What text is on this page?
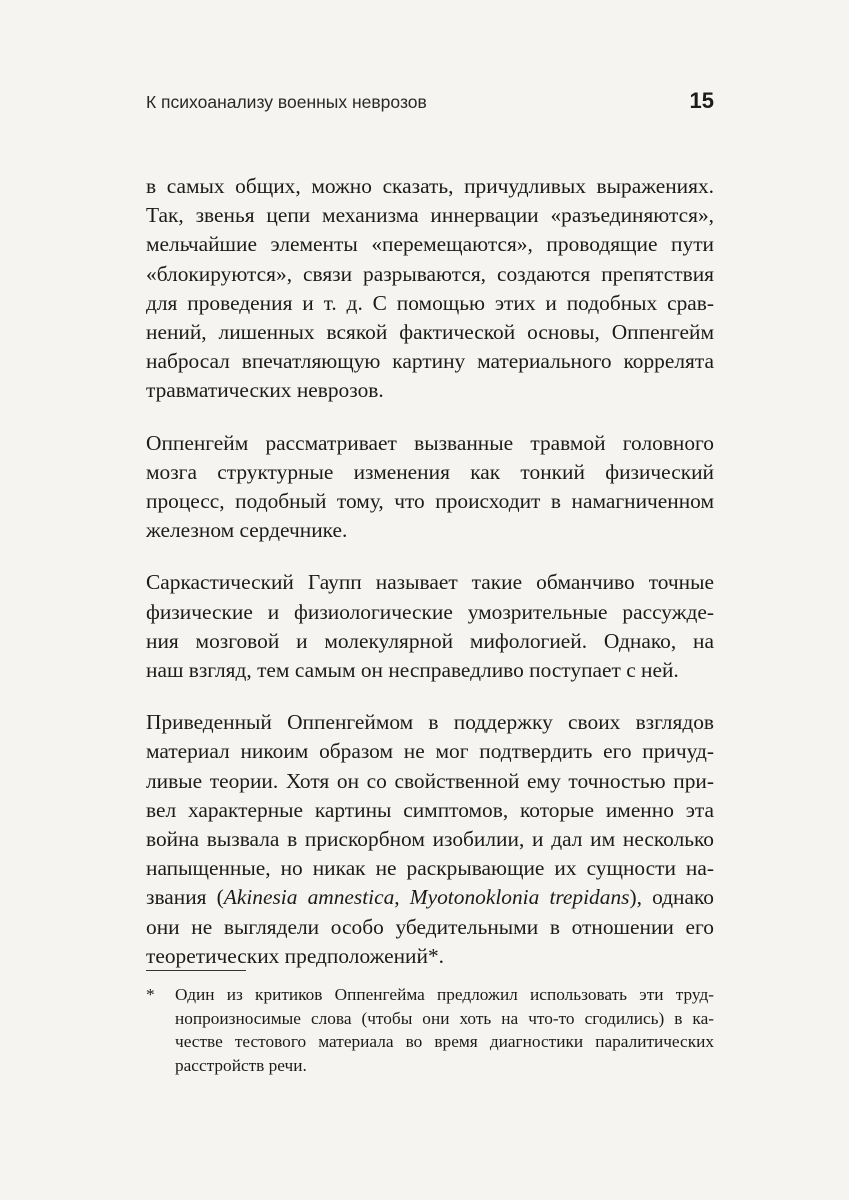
К психоанализу военных неврозов	15

в самых общих, можно сказать, причудливых выражениях.
Так, звенья цепи механизма иннервации «разъединяются»,
мельчайшие элементы «перемещаются», проводящие пути
«блокируются», связи разрываются, создаются препятствия
для проведения и т. д. С помощью этих и подобных срав-
нений, лишенных всякой фактической основы, Оппенгейм
набросал впечатляющую картину материального коррелята
травматических неврозов.

Оппенгейм рассматривает вызванные травмой головного
мозга структурные изменения как тонкий физический
процесс, подобный тому, что происходит в намагниченном
железном сердечнике.

Саркастический Гаупп называет такие обманчиво точные
физические и физиологические умозрительные рассужде-
ния мозговой и молекулярной мифологией. Однако, на
наш взгляд, тем самым он несправедливо поступает с ней.

Приведенный Оппенгеймом в поддержку своих взглядов
материал никоим образом не мог подтвердить его причуд-
ливые теории. Хотя он со свойственной ему точностью при-
вел характерные картины симптомов, которые именно эта
война вызвала в прискорбном изобилии, и дал им несколько
напыщенные, но никак не раскрывающие их сущности на-
звания (Akinesia amnestica, Myotonoklonia trepidans), однако
они не выглядели особо убедительными в отношении его
теоретических предположений*.

* Один из критиков Оппенгейма предложил использовать эти труд-
нопроизносимые слова (чтобы они хоть на что-то сгодились) в ка-
честве тестового материала во время диагностики паралитических
расстройств речи.
